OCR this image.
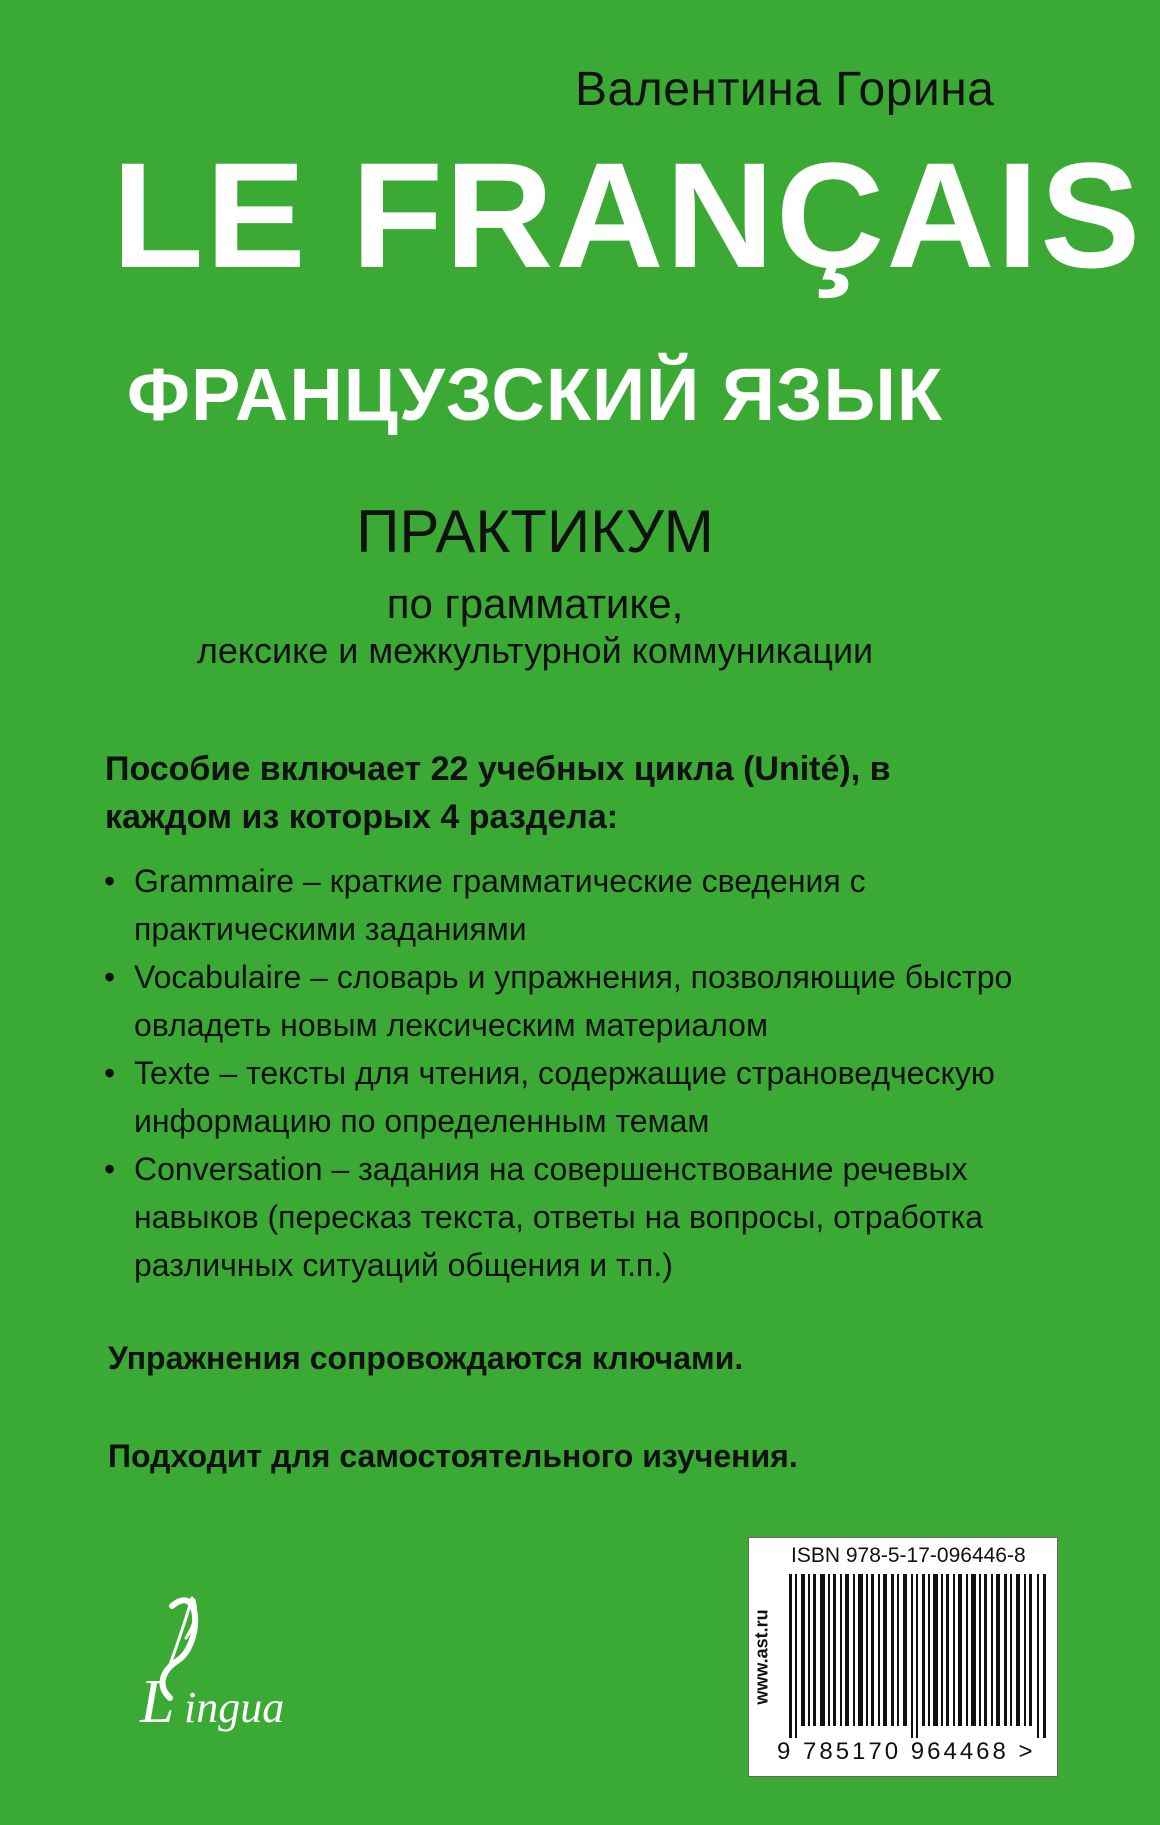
Валентина Горина
LE FRANÇAIS
ФРАНЦУЗСКИЙ ЯЗЫК
ПРАКТИКУМ
по грамматике,
лексике и межкультурной коммуникации
Пособие включает 22 учебных цикла (Unité), в каждом из которых 4 раздела:
• Grammaire – краткие грамматические сведения с практическими заданиями
• Vocabulaire – словарь и упражнения, позволяющие быстро овладеть новым лексическим материалом
• Texte – тексты для чтения, содержащие страноведческую информацию по определенным темам
• Conversation – задания на совершенствование речевых навыков (пересказ текста, ответы на вопросы, отработка различных ситуаций общения и т.п.)
Упражнения сопровождаются ключами.
Подходит для самостоятельного изучения.
L ingua
www.ast.ru
ISBN 978-5-17-096446-8
9 785170 964468 >
